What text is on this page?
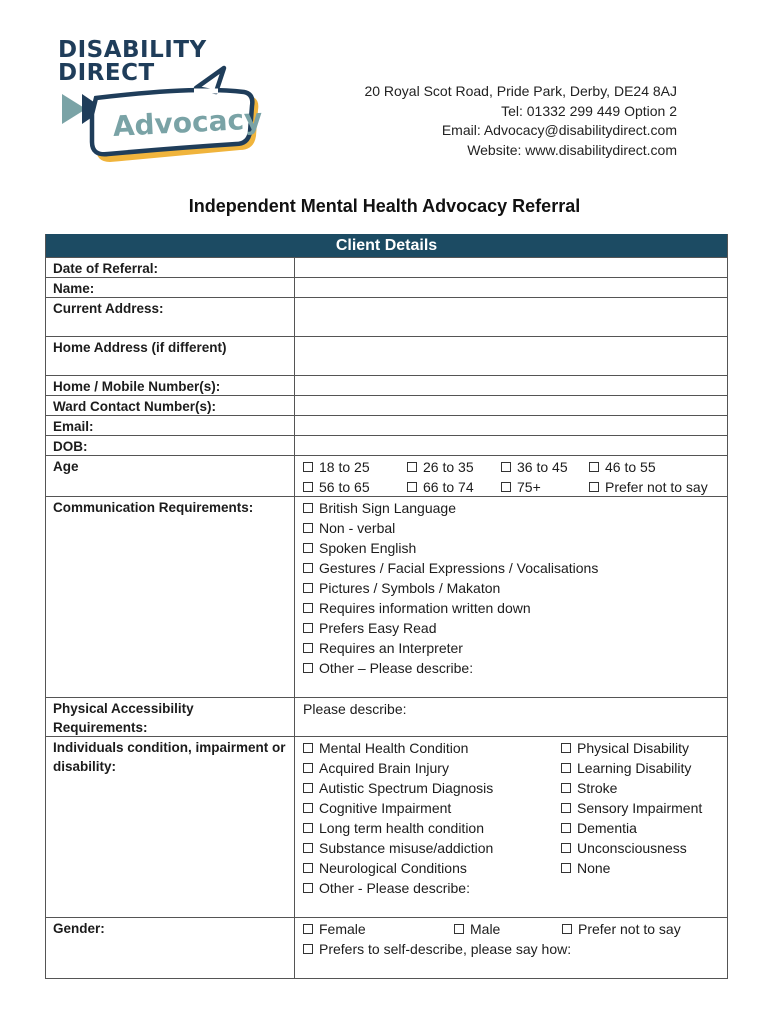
DISABILITY
DIRECT
Advocacy
20 Royal Scot Road, Pride Park, Derby, DE24 8AJ
Tel: 01332 299 449 Option 2
Email: Advocacy@disabilitydirect.com
Website: www.disabilitydirect.com
Independent Mental Health Advocacy Referral
Client Details
Date of Referral:
Name:
Current Address:
Home Address (if different)
Home / Mobile Number(s):
Ward Contact Number(s):
Email:
DOB:
Age	18 to 25	26 to 35	36 to 45	46 to 55
56 to 65	66 to 74	75+	Prefer not to say
Communication Requirements:	British Sign Language
Non - verbal
Spoken English
Gestures / Facial Expressions / Vocalisations
Pictures / Symbols / Makaton
Requires information written down
Prefers Easy Read
Requires an Interpreter
Other – Please describe:
Physical Accessibility Requirements:
Please describe:
Individuals condition, impairment or disability:
Mental Health Condition	Physical Disability
Acquired Brain Injury	Learning Disability
Autistic Spectrum Diagnosis	Stroke
Cognitive Impairment	Sensory Impairment
Long term health condition	Dementia
Substance misuse/addiction	Unconsciousness
Neurological Conditions	None
Other - Please describe:
Gender:	Female	Male	Prefer not to say
Prefers to self-describe, please say how:
